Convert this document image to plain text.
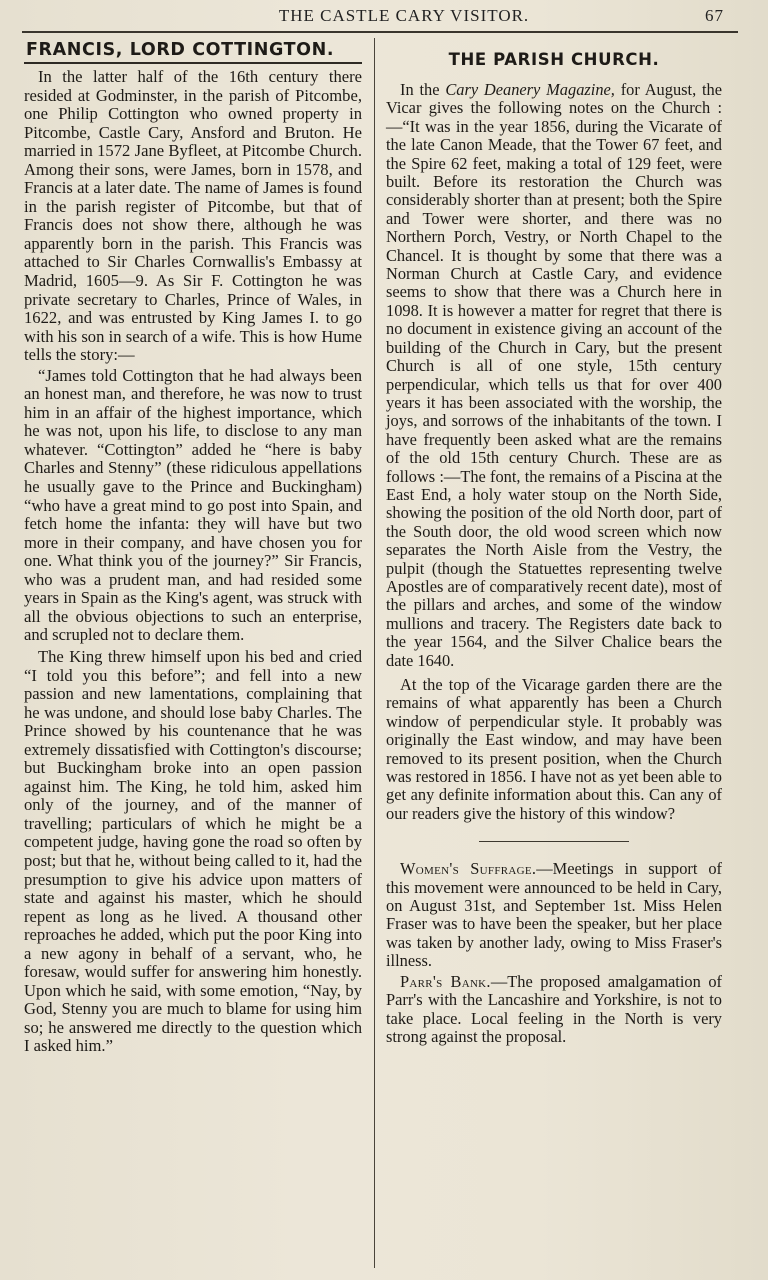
THE CASTLE CARY VISITOR.	67
FRANCIS, LORD COTTINGTON.

In the latter half of the 16th century there resided at Godminster, in the parish of Pitcombe, one Philip Cottington who owned property in Pitcombe, Castle Cary, Ansford and Bruton. He married in 1572 Jane Byfleet, at Pitcombe Church. Among their sons, were James, born in 1578, and Francis at a later date. The name of James is found in the parish register of Pitcombe, but that of Francis does not show there, although he was apparently born in the parish. This Francis was attached to Sir Charles Cornwallis's Embassy at Madrid, 1605—9. As Sir F. Cottington he was private secretary to Charles, Prince of Wales, in 1622, and was entrusted by King James I. to go with his son in search of a wife. This is how Hume tells the story:—

“James told Cottington that he had always been an honest man, and therefore, he was now to trust him in an affair of the highest importance, which he was not, upon his life, to disclose to any man whatever. “Cottington” added he “here is baby Charles and Stenny” (these ridiculous appellations he usually gave to the Prince and Buckingham) “who have a great mind to go post into Spain, and fetch home the infanta: they will have but two more in their company, and have chosen you for one. What think you of the journey?” Sir Francis, who was a prudent man, and had resided some years in Spain as the King's agent, was struck with all the obvious objections to such an enterprise, and scrupled not to declare them.

The King threw himself upon his bed and cried “I told you this before”; and fell into a new passion and new lamentations, complaining that he was undone, and should lose baby Charles. The Prince showed by his countenance that he was extremely dissatisfied with Cottington's discourse; but Buckingham broke into an open passion against him. The King, he told him, asked him only of the journey, and of the manner of travelling; particulars of which he might be a competent judge, having gone the road so often by post; but that he, without being called to it, had the presumption to give his advice upon matters of state and against his master, which he should repent as long as he lived. A thousand other reproaches he added, which put the poor King into a new agony in behalf of a servant, who, he foresaw, would suffer for answering him honestly. Upon which he said, with some emotion, “Nay, by God, Stenny you are much to blame for using him so; he answered me directly to the question which I asked him.”

THE PARISH CHURCH.

In the Cary Deanery Magazine, for August, the Vicar gives the following notes on the Church :—“It was in the year 1856, during the Vicarate of the late Canon Meade, that the Tower 67 feet, and the Spire 62 feet, making a total of 129 feet, were built. Before its restoration the Church was considerably shorter than at present; both the Spire and Tower were shorter, and there was no Northern Porch, Vestry, or North Chapel to the Chancel. It is thought by some that there was a Norman Church at Castle Cary, and evidence seems to show that there was a Church here in 1098. It is however a matter for regret that there is no document in existence giving an account of the building of the Church in Cary, but the present Church is all of one style, 15th century perpendicular, which tells us that for over 400 years it has been associated with the worship, the joys, and sorrows of the inhabitants of the town. I have frequently been asked what are the remains of the old 15th century Church. These are as follows :—The font, the remains of a Piscina at the East End, a holy water stoup on the North Side, showing the position of the old North door, part of the South door, the old wood screen which now separates the North Aisle from the Vestry, the pulpit (though the Statuettes representing twelve Apostles are of comparatively recent date), most of the pillars and arches, and some of the window mullions and tracery. The Registers date back to the year 1564, and the Silver Chalice bears the date 1640.

At the top of the Vicarage garden there are the remains of what apparently has been a Church window of perpendicular style. It probably was originally the East window, and may have been removed to its present position, when the Church was restored in 1856. I have not as yet been able to get any definite information about this. Can any of our readers give the history of this window?

Women's Suffrage.—Meetings in support of this movement were announced to be held in Cary, on August 31st, and September 1st. Miss Helen Fraser was to have been the speaker, but her place was taken by another lady, owing to Miss Fraser's illness.

Parr's Bank.—The proposed amalgamation of Parr's with the Lancashire and Yorkshire, is not to take place. Local feeling in the North is very strong against the proposal.
